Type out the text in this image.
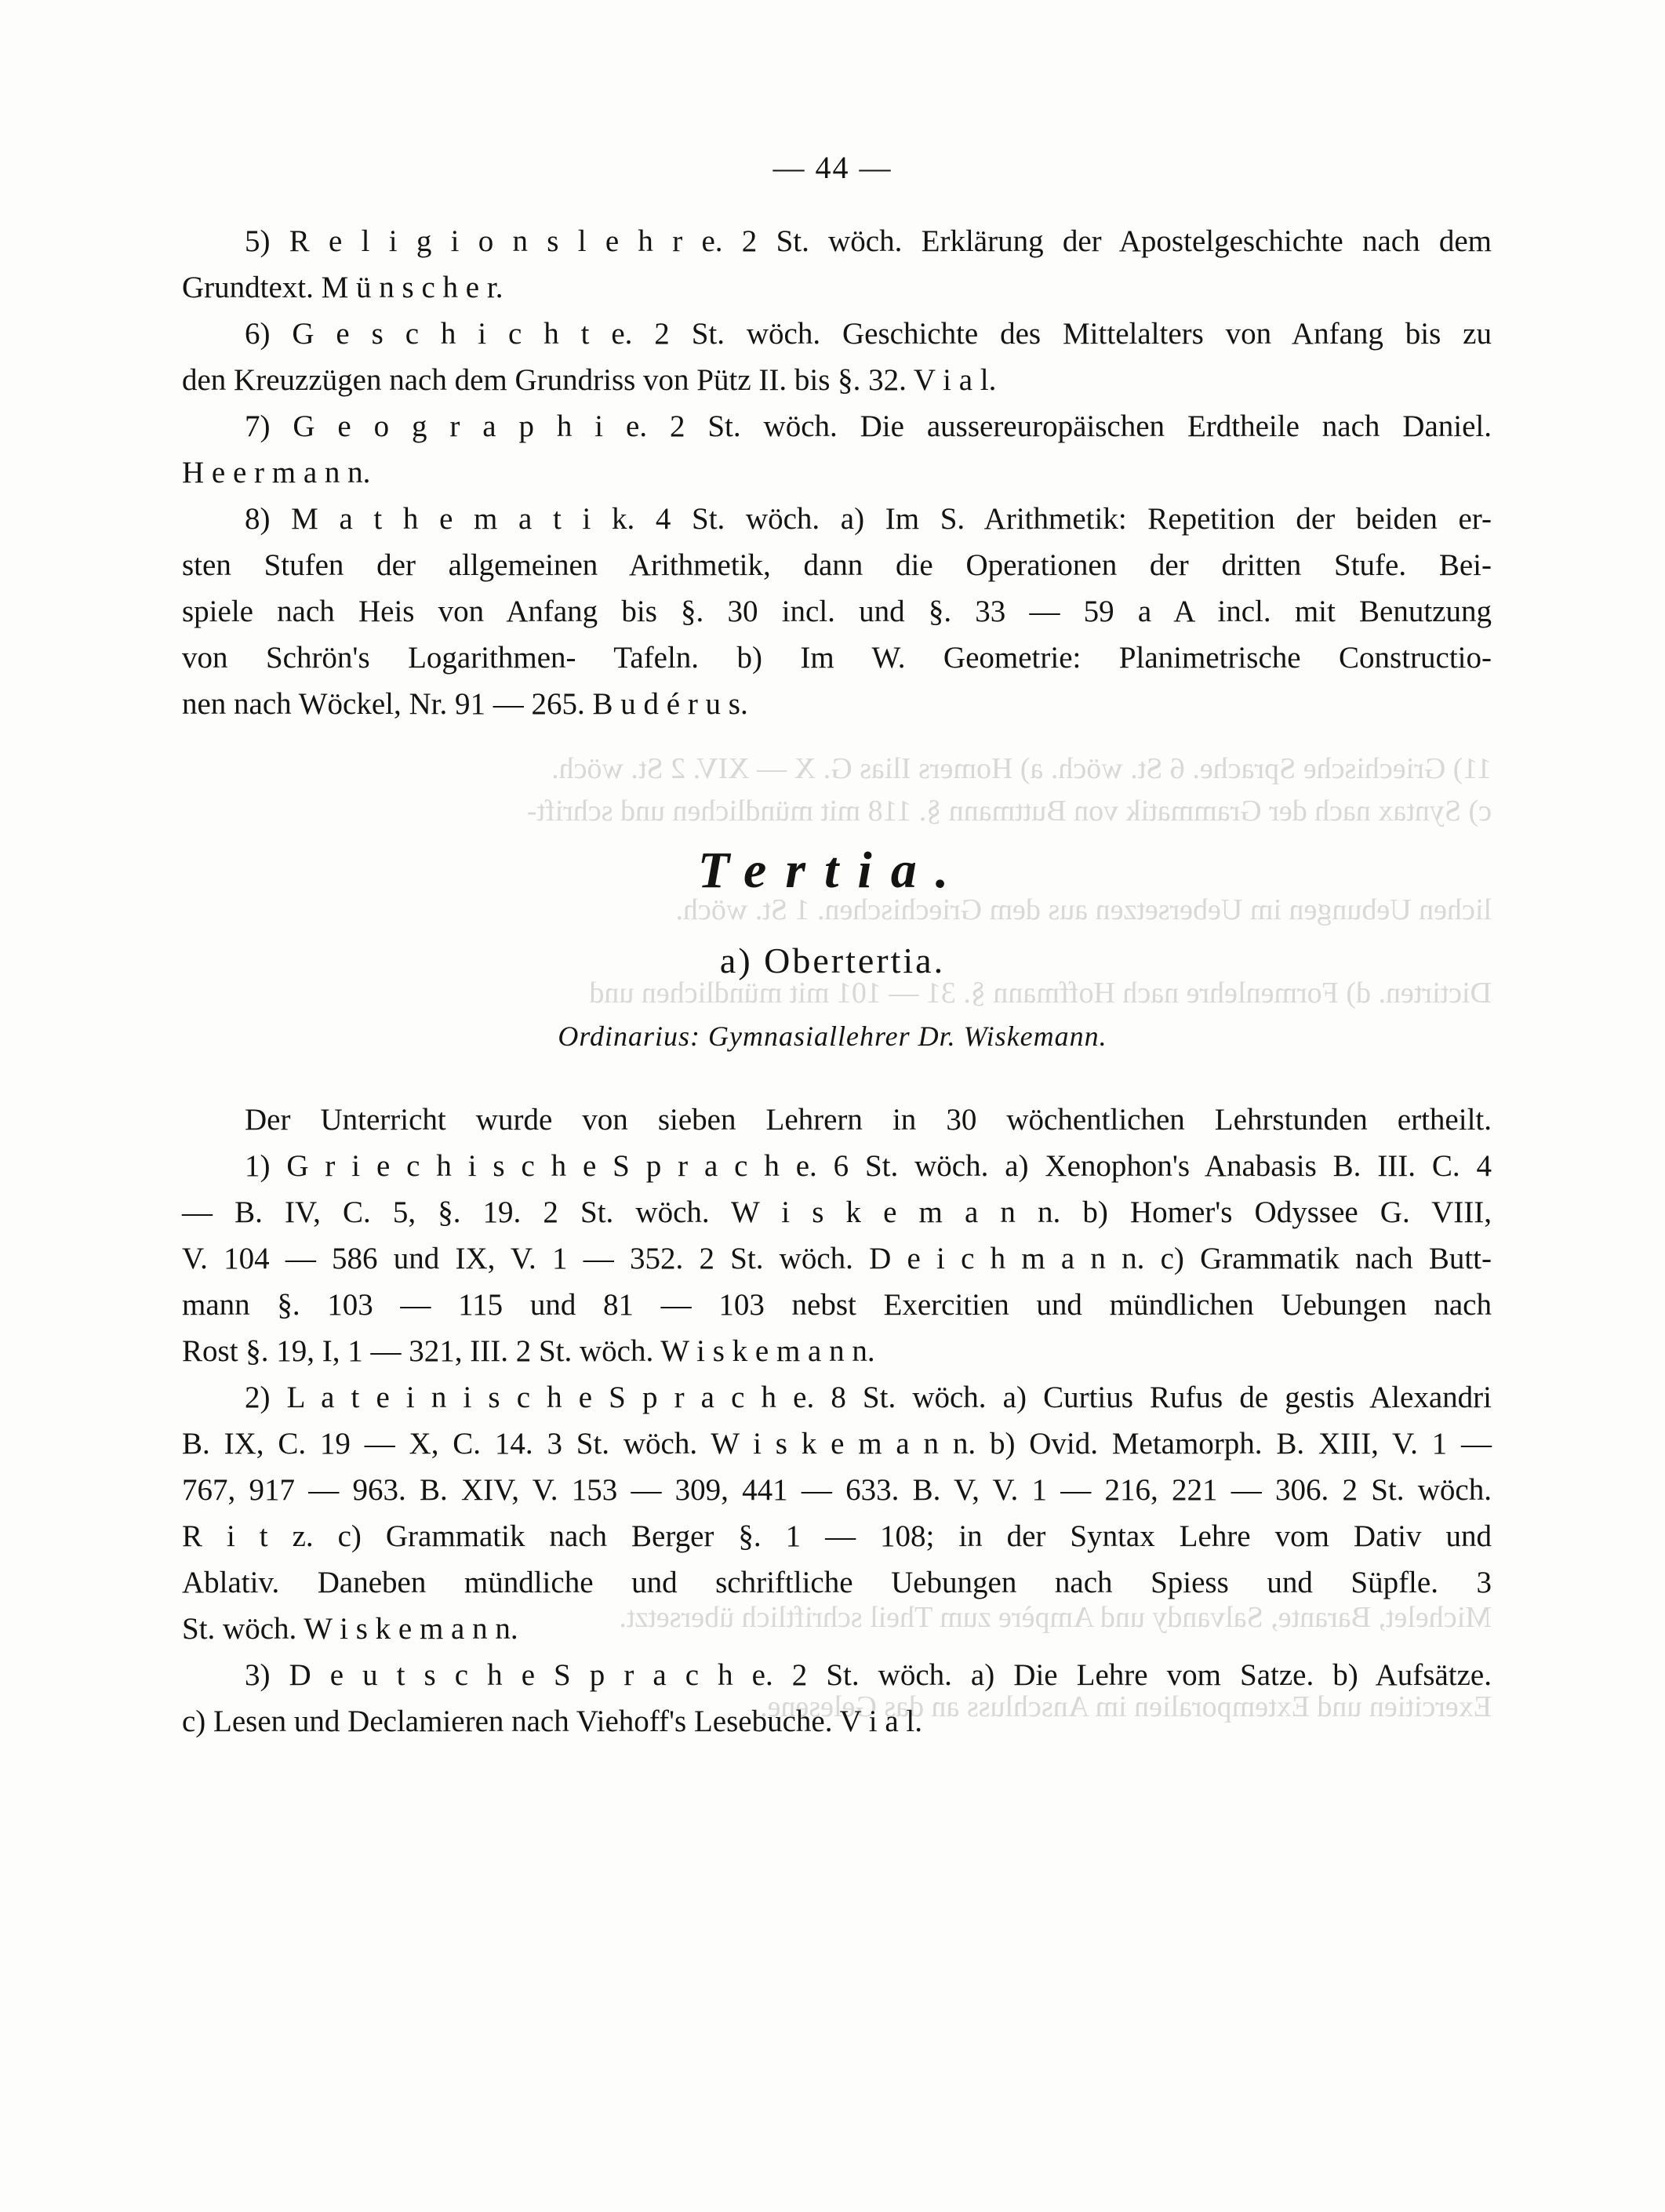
11) Griechische Sprache. 6 St. wöch. a) Homers Ilias G. X — XIV. 2 St. wöch.
c) Syntax nach der Grammatik von Buttmann §. 118 mit mündlichen und schrift-
lichen Uebungen im Uebersetzen aus dem Griechischen. 1 St. wöch.
Dictirten. d) Formenlehre nach Hoffmann §. 31 — 101 mit mündlichen und
Michelet, Barante, Salvandy und Ampère zum Theil schriftlich übersetzt.
Exercitien und Extemporalien im Anschluss an das Gelesene.
— 44 —
5) R e l i g i o n s l e h r e. 2 St. wöch. Erklärung der Apostelgeschichte nach dem
Grundtext. M ü n s c h e r.
6) G e s c h i c h t e. 2 St. wöch. Geschichte des Mittelalters von Anfang bis zu
den Kreuzzügen nach dem Grundriss von Pütz II. bis §. 32. V i a l.
7) G e o g r a p h i e. 2 St. wöch. Die aussereuropäischen Erdtheile nach Daniel.
H e e r m a n n.
8) M a t h e m a t i k. 4 St. wöch. a) Im S. Arithmetik: Repetition der beiden er-
sten Stufen der allgemeinen Arithmetik, dann die Operationen der dritten Stufe. Bei-
spiele nach Heis von Anfang bis §. 30 incl. und §. 33 — 59 a A incl. mit Benutzung
von Schrön's Logarithmen- Tafeln. b) Im W. Geometrie: Planimetrische Constructio-
nen nach Wöckel, Nr. 91 — 265. B u d é r u s.
Tertia.
a) Obertertia.
Ordinarius: Gymnasiallehrer Dr. Wiskemann.
Der Unterricht wurde von sieben Lehrern in 30 wöchentlichen Lehrstunden ertheilt.
1) G r i e c h i s c h e S p r a c h e. 6 St. wöch. a) Xenophon's Anabasis B. III. C. 4
— B. IV, C. 5, §. 19. 2 St. wöch. W i s k e m a n n. b) Homer's Odyssee G. VIII,
V. 104 — 586 und IX, V. 1 — 352. 2 St. wöch. D e i c h m a n n. c) Grammatik nach Butt-
mann §. 103 — 115 und 81 — 103 nebst Exercitien und mündlichen Uebungen nach
Rost §. 19, I, 1 — 321, III. 2 St. wöch. W i s k e m a n n.
2) L a t e i n i s c h e S p r a c h e. 8 St. wöch. a) Curtius Rufus de gestis Alexandri
B. IX, C. 19 — X, C. 14. 3 St. wöch. W i s k e m a n n. b) Ovid. Metamorph. B. XIII, V. 1 —
767, 917 — 963. B. XIV, V. 153 — 309, 441 — 633. B. V, V. 1 — 216, 221 — 306. 2 St. wöch.
R i t z. c) Grammatik nach Berger §. 1 — 108; in der Syntax Lehre vom Dativ und
Ablativ. Daneben mündliche und schriftliche Uebungen nach Spiess und Süpfle. 3
St. wöch. W i s k e m a n n.
3) D e u t s c h e S p r a c h e. 2 St. wöch. a) Die Lehre vom Satze. b) Aufsätze.
c) Lesen und Declamieren nach Viehoff's Lesebuche. V i a l.
